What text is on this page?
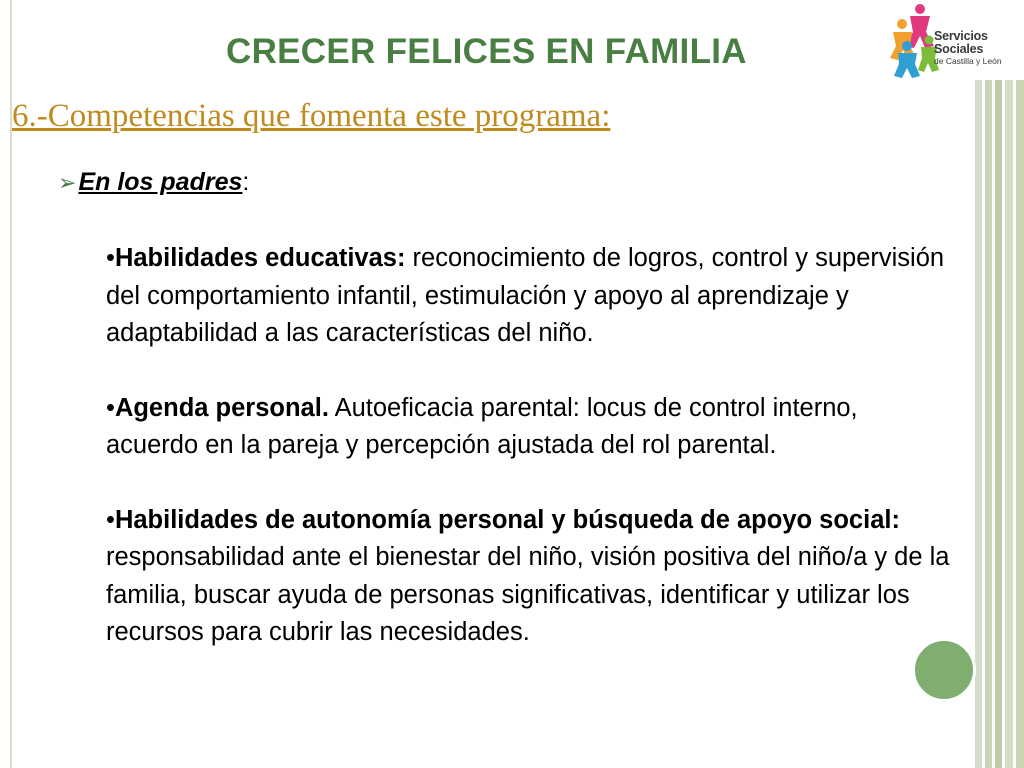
Servicios Sociales
de Castilla y León
CRECER FELICES EN FAMILIA
6.-Competencias que fomenta este programa:
➢En los padres:

•Habilidades educativas: reconocimiento de logros, control y supervisión del comportamiento infantil, estimulación y apoyo al aprendizaje y adaptabilidad a las características del niño.

•Agenda personal. Autoeficacia parental: locus de control interno, acuerdo en la pareja y percepción ajustada del rol parental.

•Habilidades de autonomía personal y búsqueda de apoyo social: responsabilidad ante el bienestar del niño, visión positiva del niño/a y de la familia, buscar ayuda de personas significativas, identificar y utilizar los recursos para cubrir las necesidades.
